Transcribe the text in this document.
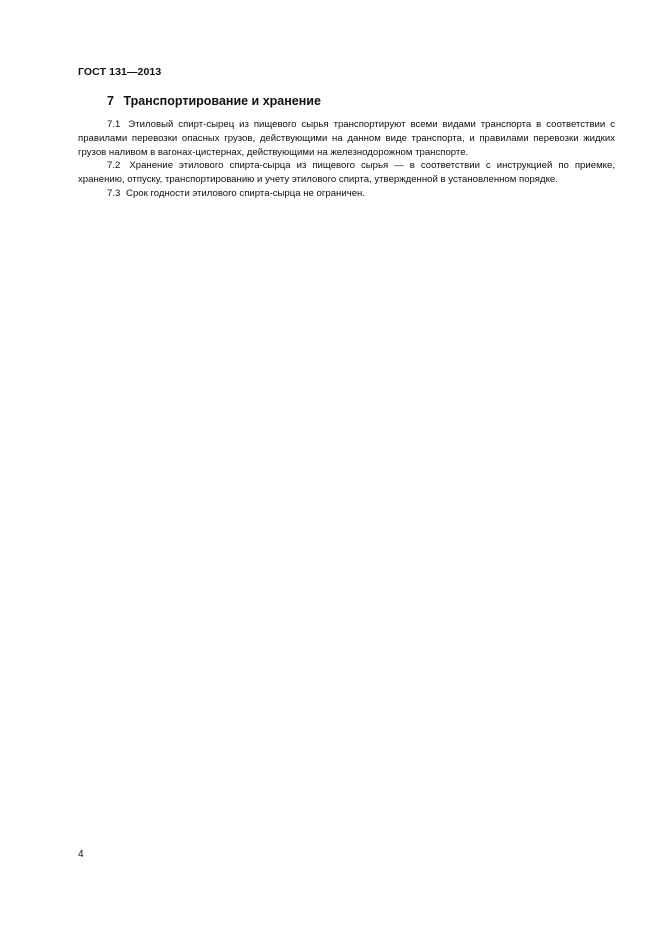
ГОСТ 131—2013
7 Транспортирование и хранение

7.1 Этиловый спирт-сырец из пищевого сырья транспортируют всеми видами транспорта в соответствии с правилами перевозки опасных грузов, действующими на данном виде транспорта, и правилами перевозки жидких грузов наливом в вагонах-цистернах, действующими на железнодорожном транспорте.

7.2 Хранение этилового спирта-сырца из пищевого сырья — в соответствии с инструкцией по приемке, хранению, отпуску, транспортированию и учету этилового спирта, утвержденной в установленном порядке.

7.3 Срок годности этилового спирта-сырца не ограничен.

4
